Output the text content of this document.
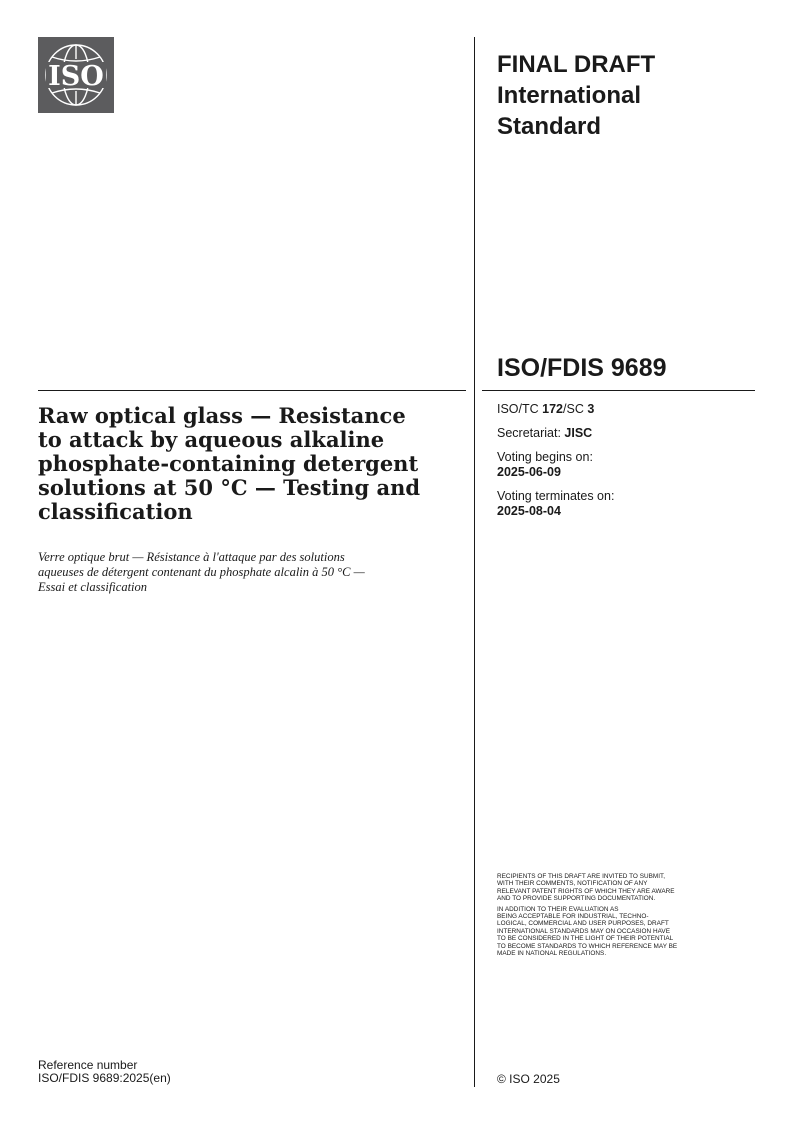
ISO	FINAL DRAFT
International
Standard
ISO/FDIS 9689
Raw optical glass — Resistance
to attack by aqueous alkaline
phosphate-containing detergent
solutions at 50 °C — Testing and
classification
Verre optique brut — Résistance à l'attaque par des solutions
aqueuses de détergent contenant du phosphate alcalin à 50 °C —
Essai et classification
ISO/TC 172/SC 3
Secretariat: JISC
Voting begins on:
2025-06-09
Voting terminates on:
2025-08-04
RECIPIENTS OF THIS DRAFT ARE INVITED TO SUBMIT,
WITH THEIR COMMENTS, NOTIFICATION OF ANY
RELEVANT PATENT RIGHTS OF WHICH THEY ARE AWARE
AND TO PROVIDE SUPPORTING DOCUMENTATION.
IN ADDITION TO THEIR EVALUATION AS
BEING ACCEPTABLE FOR INDUSTRIAL, TECHNO-
LOGICAL, COMMERCIAL AND USER PURPOSES, DRAFT
INTERNATIONAL STANDARDS MAY ON OCCASION HAVE
TO BE CONSIDERED IN THE LIGHT OF THEIR POTENTIAL
TO BECOME STANDARDS TO WHICH REFERENCE MAY BE
MADE IN NATIONAL REGULATIONS.
Reference number
ISO/FDIS 9689:2025(en)	© ISO 2025
